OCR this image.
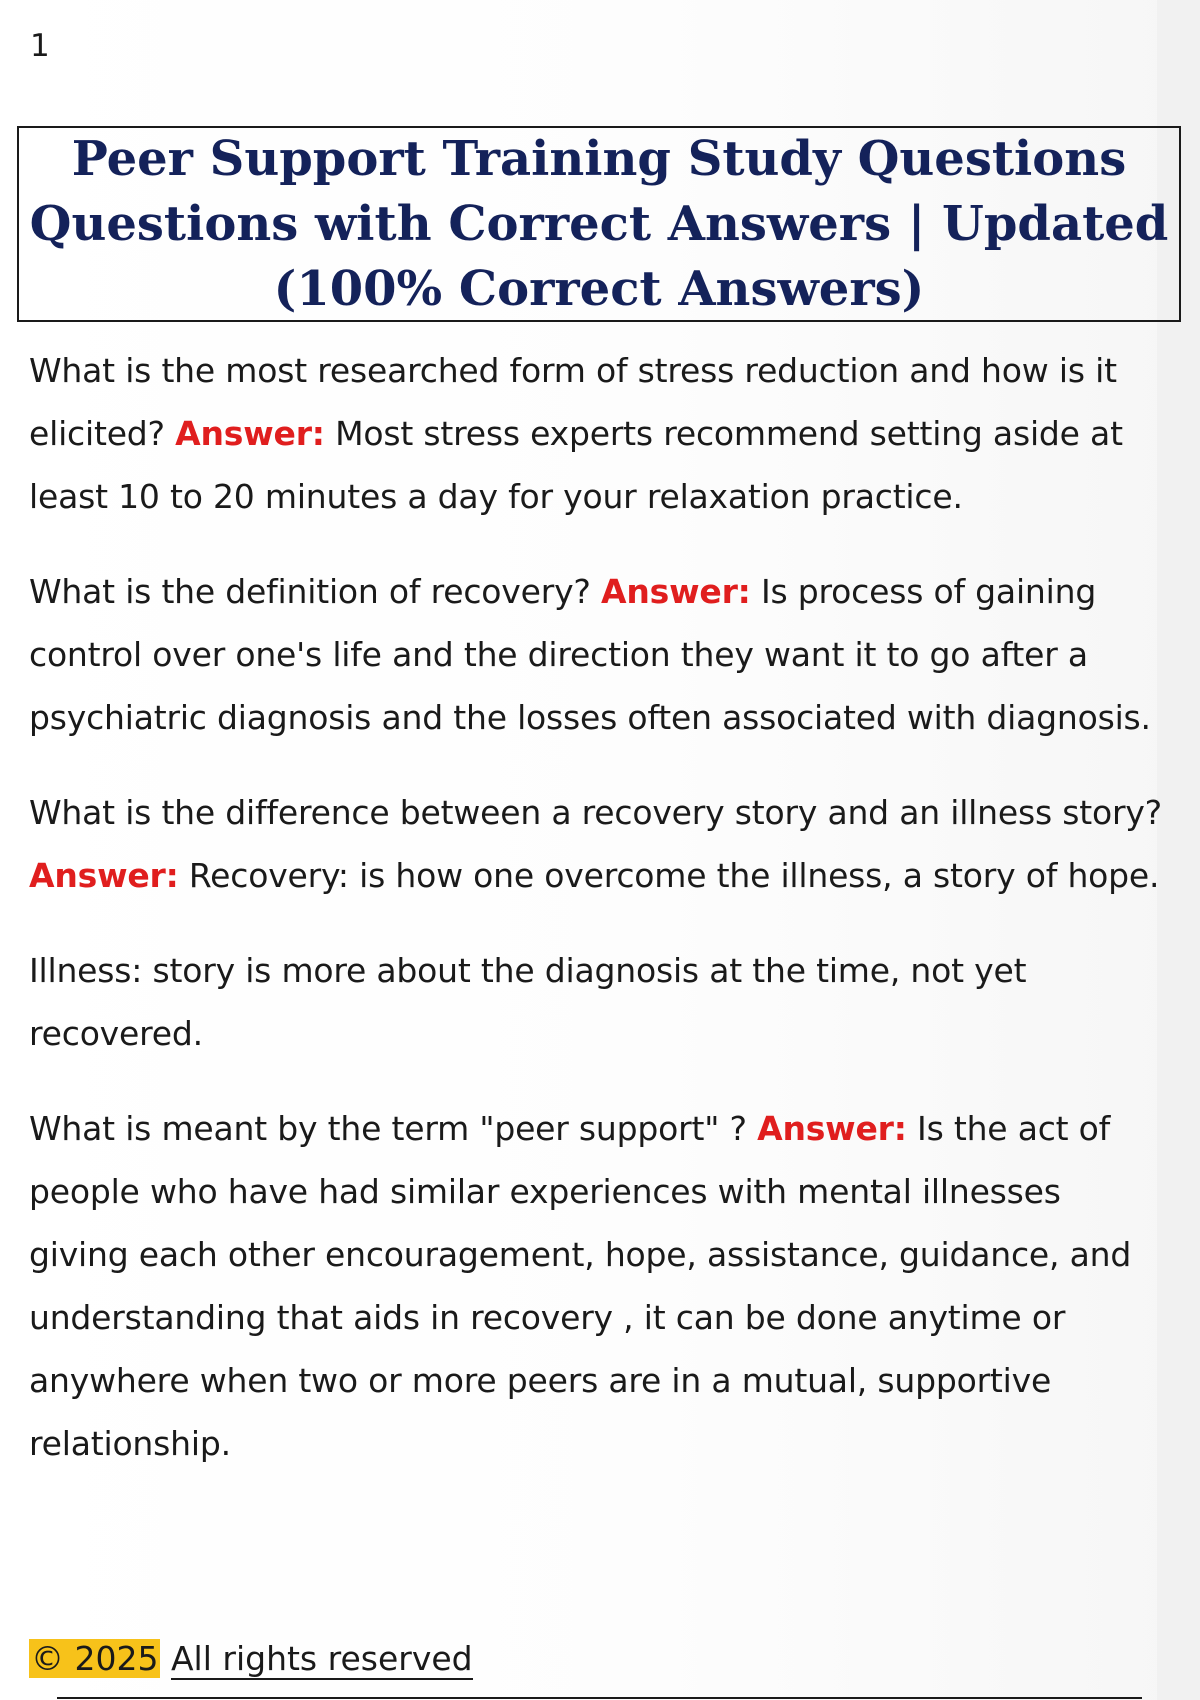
1
Peer Support Training Study Questions
Questions with Correct Answers | Updated
(100% Correct Answers)

What is the most researched form of stress reduction and how is it elicited? Answer: Most stress experts recommend setting aside at least 10 to 20 minutes a day for your relaxation practice.

What is the definition of recovery? Answer: Is process of gaining control over one's life and the direction they want it to go after a psychiatric diagnosis and the losses often associated with diagnosis.

What is the difference between a recovery story and an illness story? Answer: Recovery: is how one overcome the illness, a story of hope.

Illness: story is more about the diagnosis at the time, not yet recovered.

What is meant by the term "peer support" ? Answer: Is the act of people who have had similar experiences with mental illnesses giving each other encouragement, hope, assistance, guidance, and understanding that aids in recovery , it can be done anytime or anywhere when two or more peers are in a mutual, supportive relationship.

© 2025 All rights reserved
